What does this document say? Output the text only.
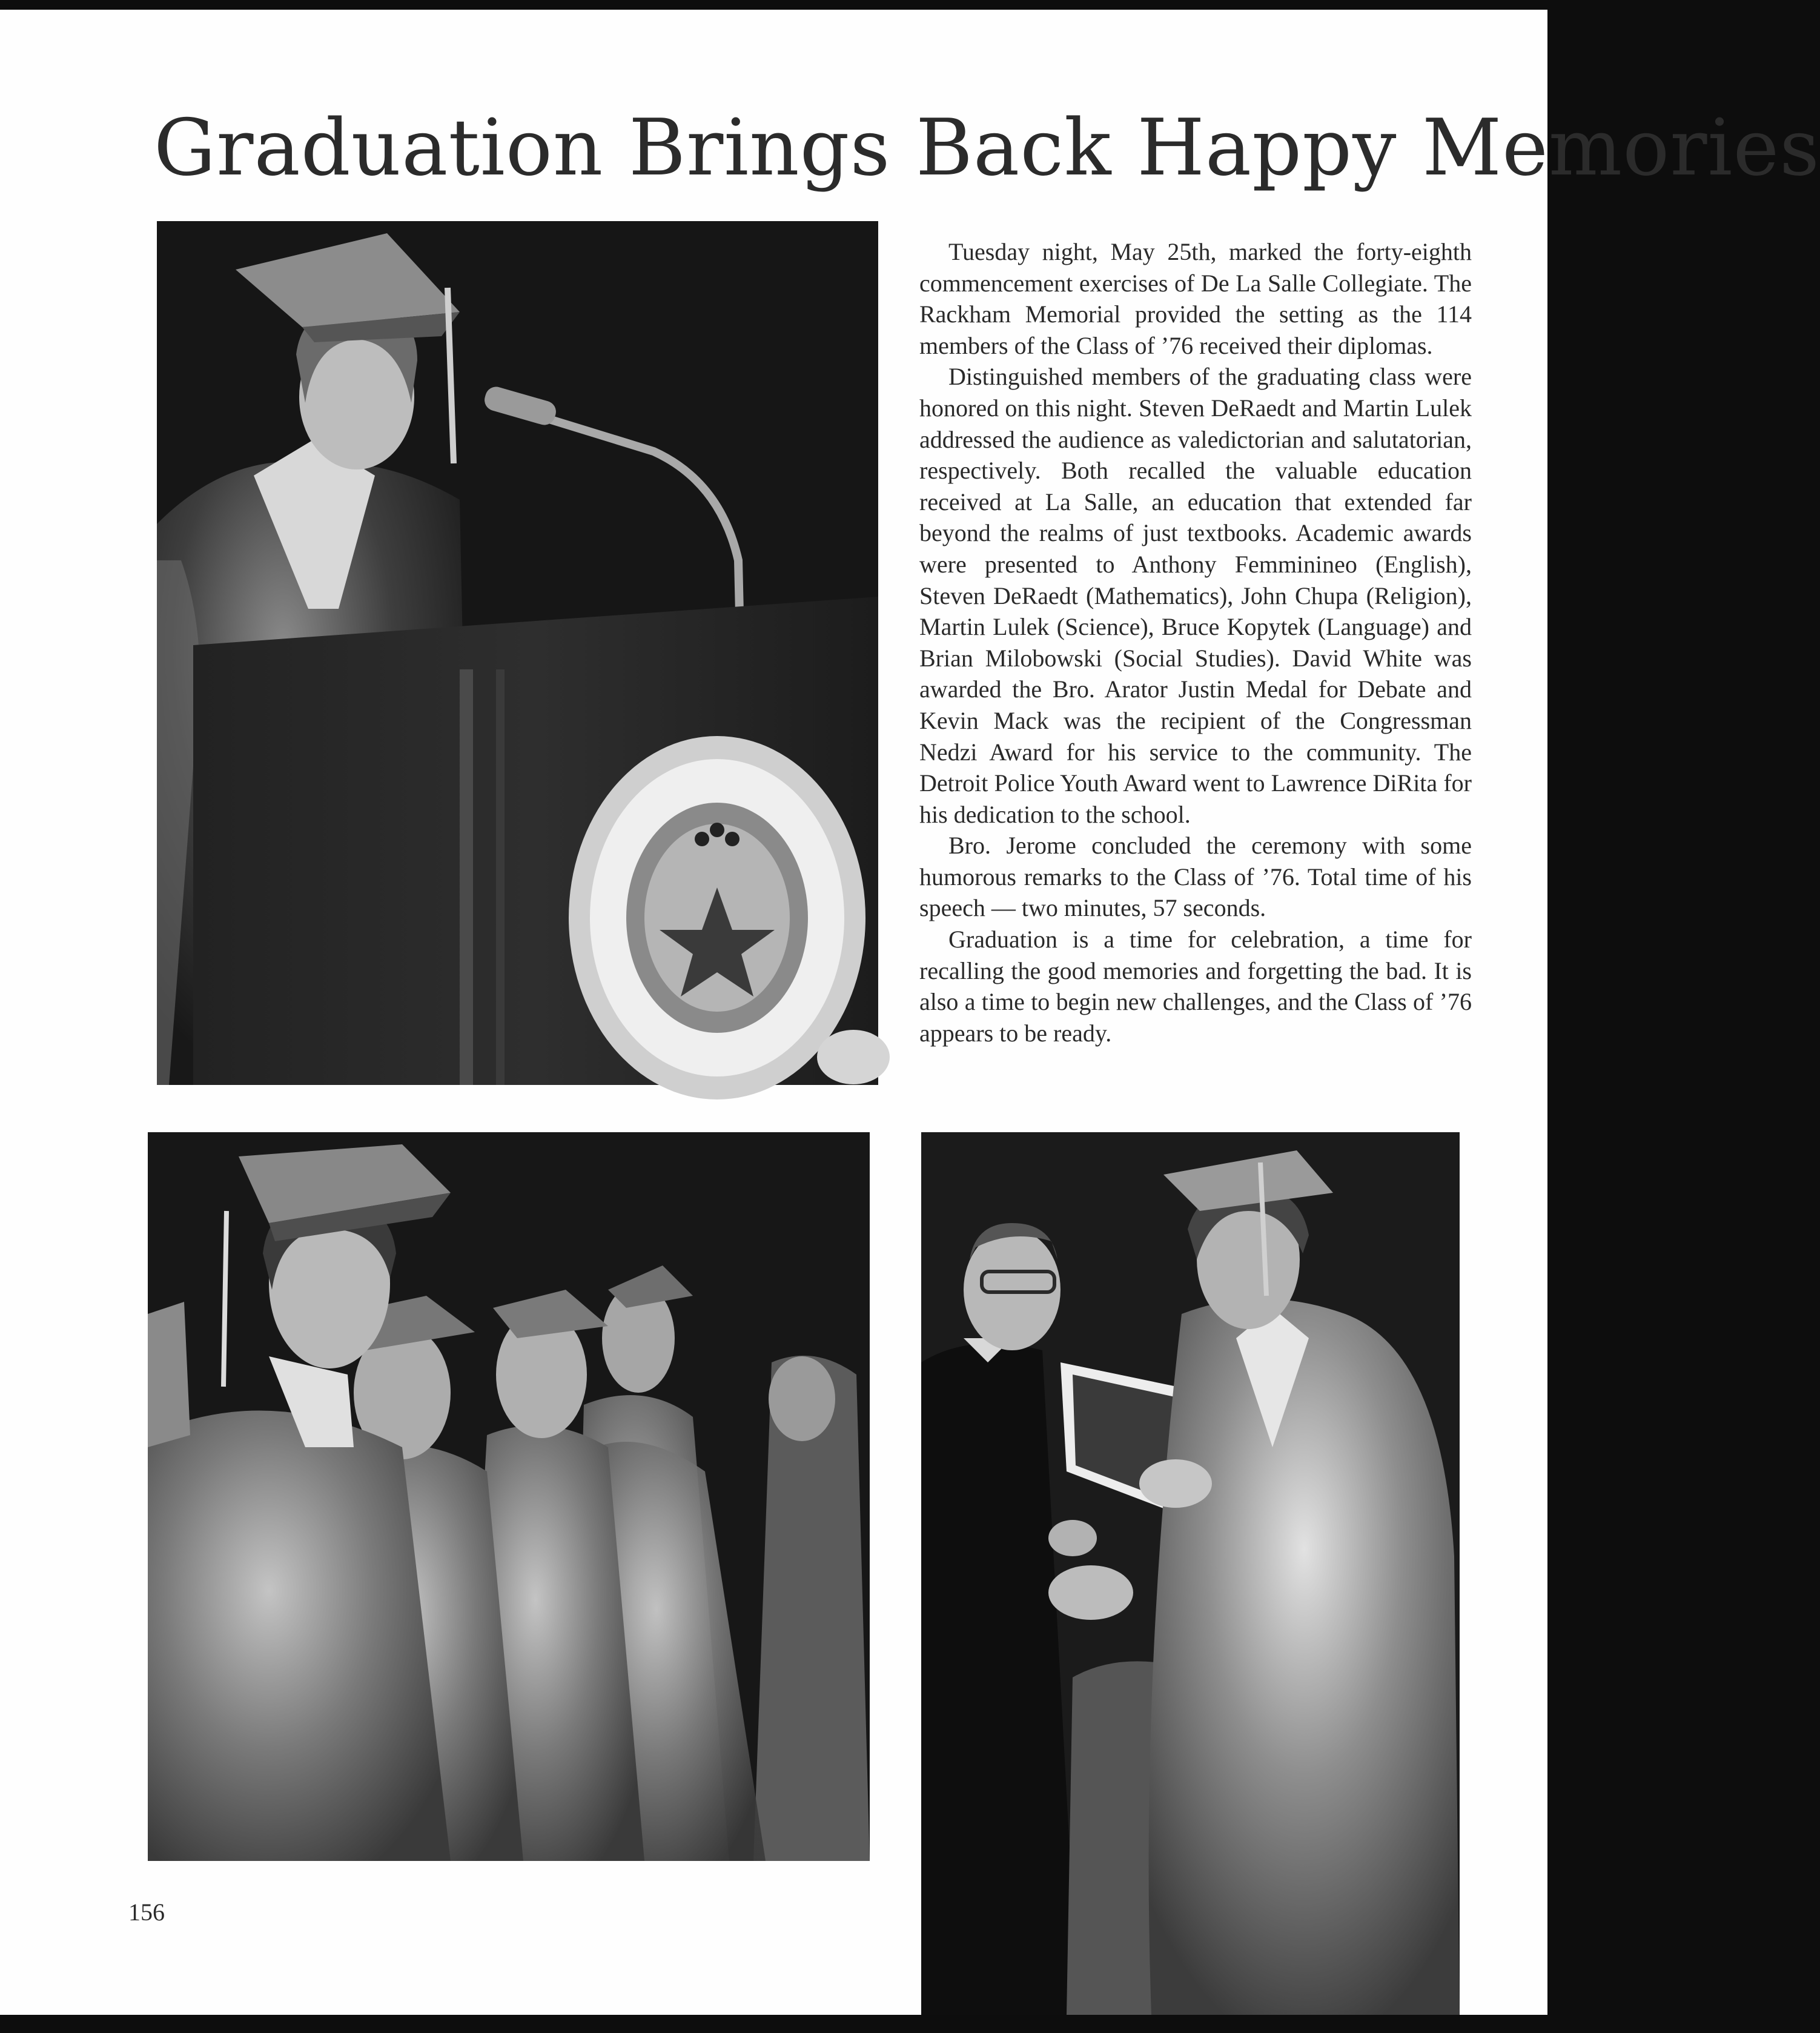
Graduation Brings Back Happy Memories

Tuesday night, May 25th, marked the forty-eighth commencement exercises of De La Salle Collegiate. The Rackham Memorial provided the setting as the 114 members of the Class of ’76 received their diplomas.

Distinguished members of the graduating class were honored on this night. Steven DeRaedt and Martin Lulek addressed the audience as valedictorian and salutatorian, respectively. Both recalled the valuable education received at La Salle, an education that extended far beyond the realms of just textbooks. Academic awards were presented to Anthony Femminineo (English), Steven DeRaedt (Mathematics), John Chupa (Religion), Martin Lulek (Science), Bruce Kopytek (Language) and Brian Milobowski (Social Studies). David White was awarded the Bro. Arator Justin Medal for Debate and Kevin Mack was the recipient of the Congressman Nedzi Award for his service to the community. The Detroit Police Youth Award went to Lawrence DiRita for his dedication to the school.

Bro. Jerome concluded the ceremony with some humorous remarks to the Class of ’76. Total time of his speech — two minutes, 57 seconds.

Graduation is a time for celebration, a time for recalling the good memories and forgetting the bad. It is also a time to begin new challenges, and the Class of ’76 appears to be ready.

156
